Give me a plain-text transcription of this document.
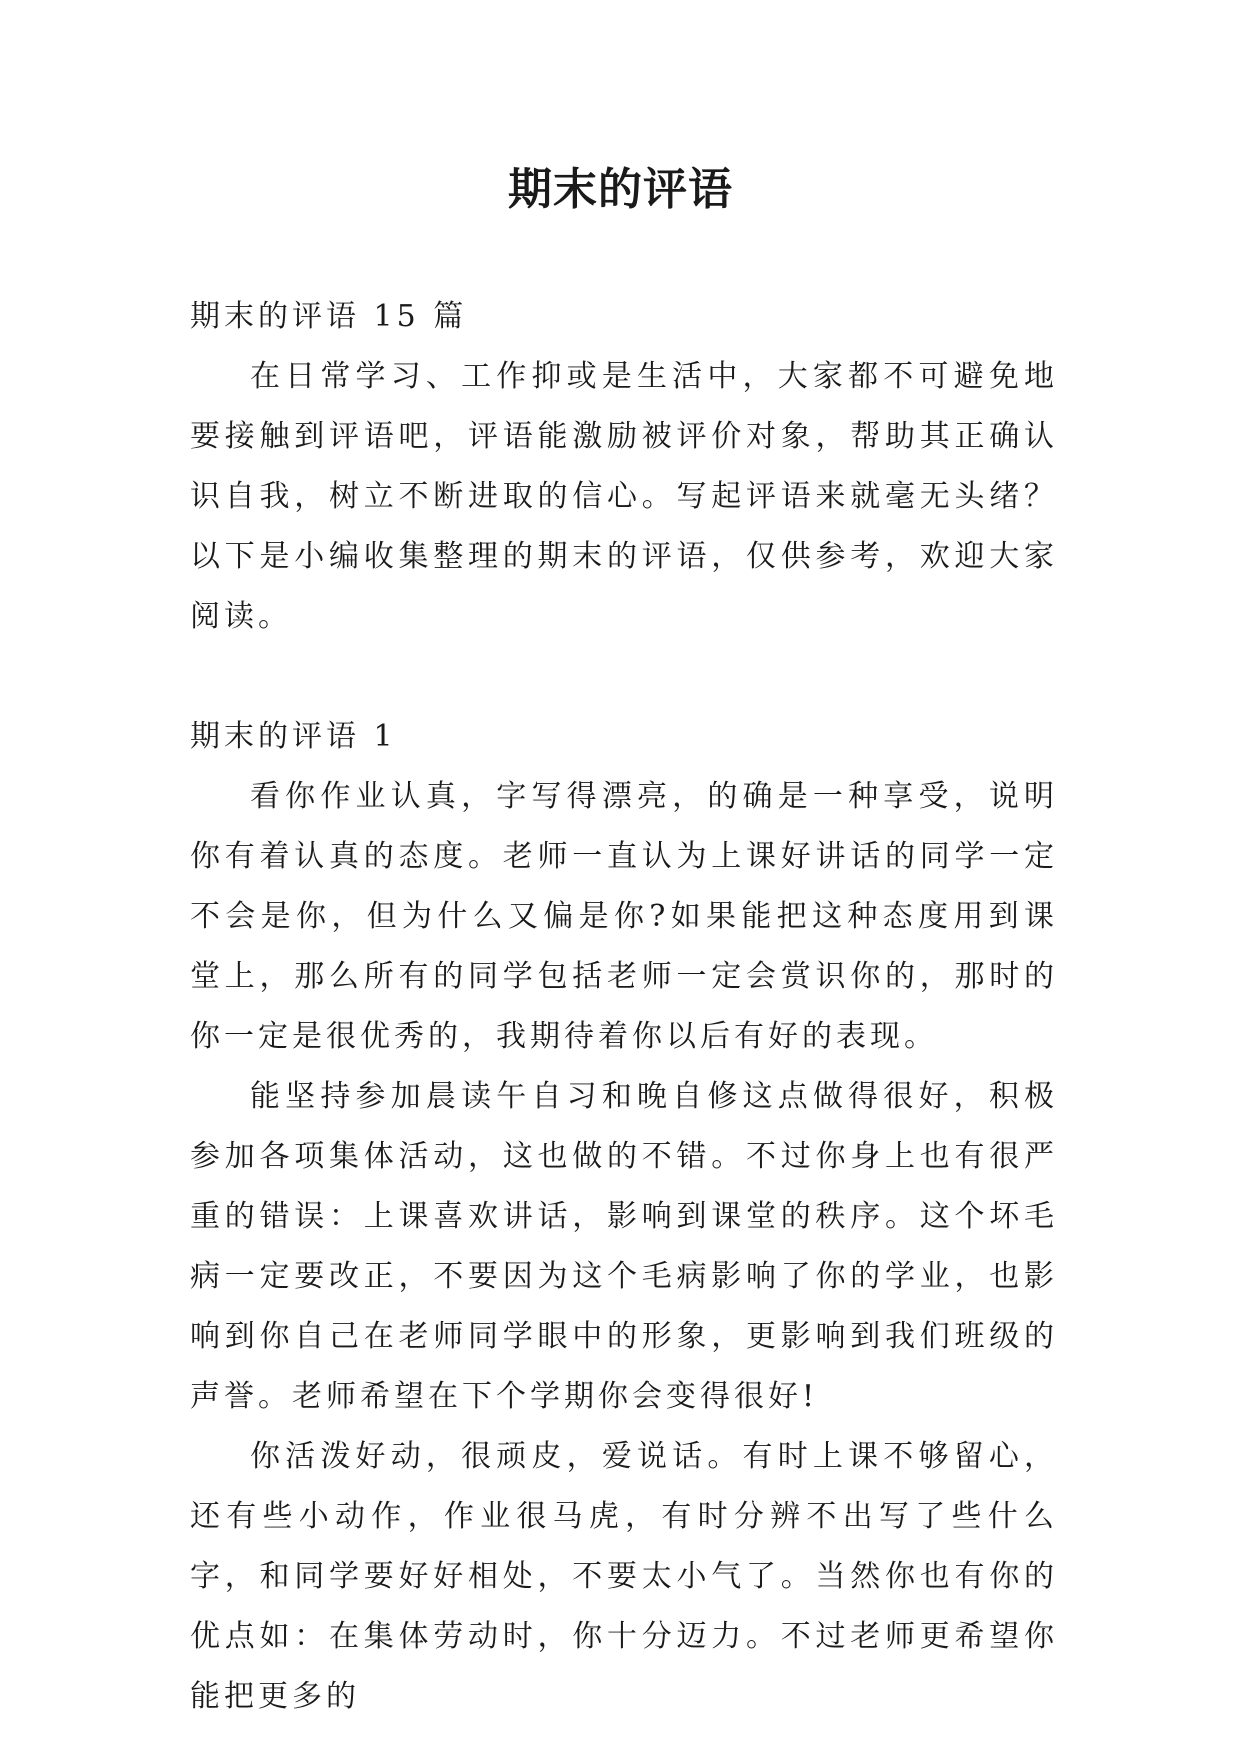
期末的评语

期末的评语 15 篇

在日常学习、工作抑或是生活中，大家都不可避免地要接触到评语吧，评语能激励被评价对象，帮助其正确认识自我，树立不断进取的信心。写起评语来就毫无头绪？以下是小编收集整理的期末的评语，仅供参考，欢迎大家阅读。

期末的评语 1

看你作业认真，字写得漂亮，的确是一种享受，说明你有着认真的态度。老师一直认为上课好讲话的同学一定不会是你，但为什么又偏是你?如果能把这种态度用到课堂上，那么所有的同学包括老师一定会赏识你的，那时的你一定是很优秀的，我期待着你以后有好的表现。

能坚持参加晨读午自习和晚自修这点做得很好，积极参加各项集体活动，这也做的不错。不过你身上也有很严重的错误：上课喜欢讲话，影响到课堂的秩序。这个坏毛病一定要改正，不要因为这个毛病影响了你的学业，也影响到你自己在老师同学眼中的形象，更影响到我们班级的声誉。老师希望在下个学期你会变得很好!

你活泼好动，很顽皮，爱说话。有时上课不够留心，还有些小动作，作业很马虎，有时分辨不出写了些什么字，和同学要好好相处，不要太小气了。当然你也有你的优点如：在集体劳动时，你十分迈力。不过老师更希望你能把更多的
